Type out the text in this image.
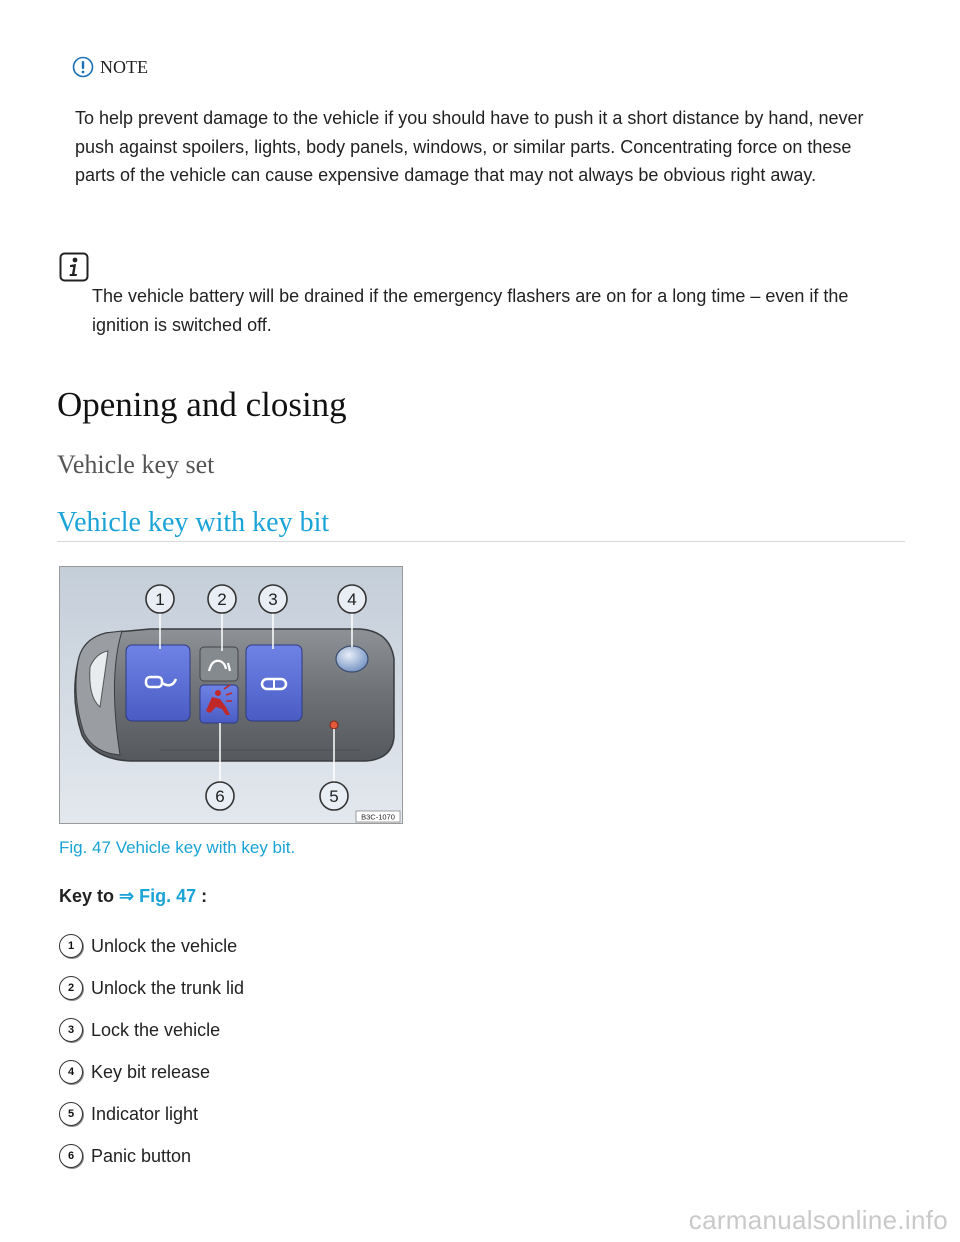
NOTE
To help prevent damage to the vehicle if you should have to push it a short distance by hand, never push against spoilers, lights, body panels, windows, or similar parts. Concentrating force on these parts of the vehicle can cause expensive damage that may not always be obvious right away.
The vehicle battery will be drained if the emergency flashers are on for a long time – even if the ignition is switched off.
Opening and closing
Vehicle key set
Vehicle key with key bit
1	2 3	4
5
6
B3C-1070
Fig. 47 Vehicle key with key bit.
Key to ⇒ Fig. 47 :
1 Unlock the vehicle
2 Unlock the trunk lid
3 Lock the vehicle
4 Key bit release
5 Indicator light
6 Panic button
carmanualsonline.info
